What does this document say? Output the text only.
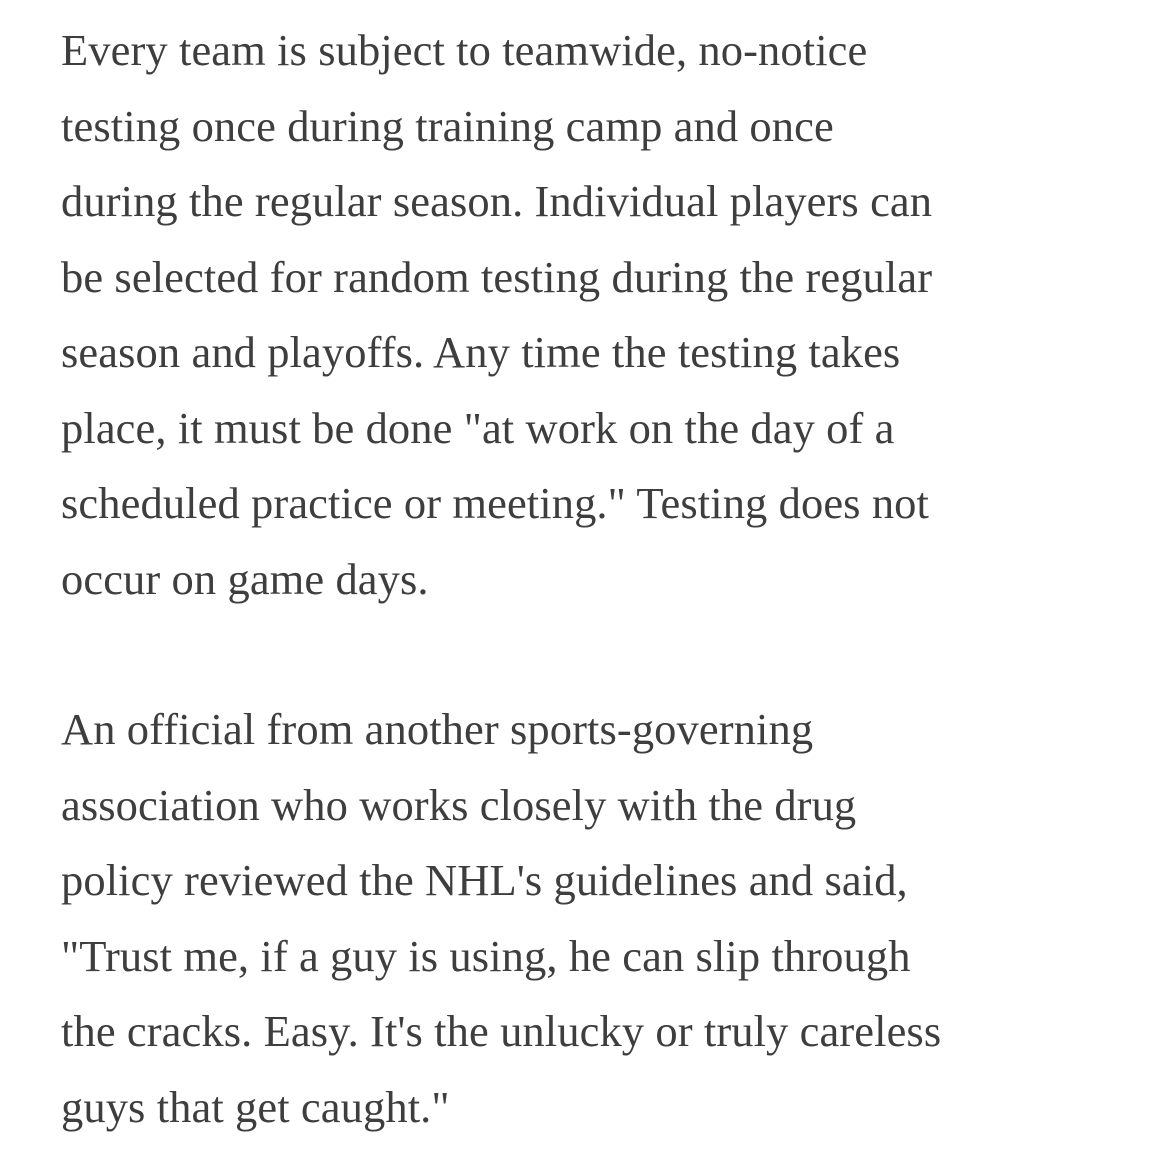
Every team is subject to teamwide, no-notice
testing once during training camp and once
during the regular season. Individual players can
be selected for random testing during the regular
season and playoffs. Any time the testing takes
place, it must be done "at work on the day of a
scheduled practice or meeting." Testing does not
occur on game days.

An official from another sports-governing
association who works closely with the drug
policy reviewed the NHL's guidelines and said,
"Trust me, if a guy is using, he can slip through
the cracks. Easy. It's the unlucky or truly careless
guys that get caught."
